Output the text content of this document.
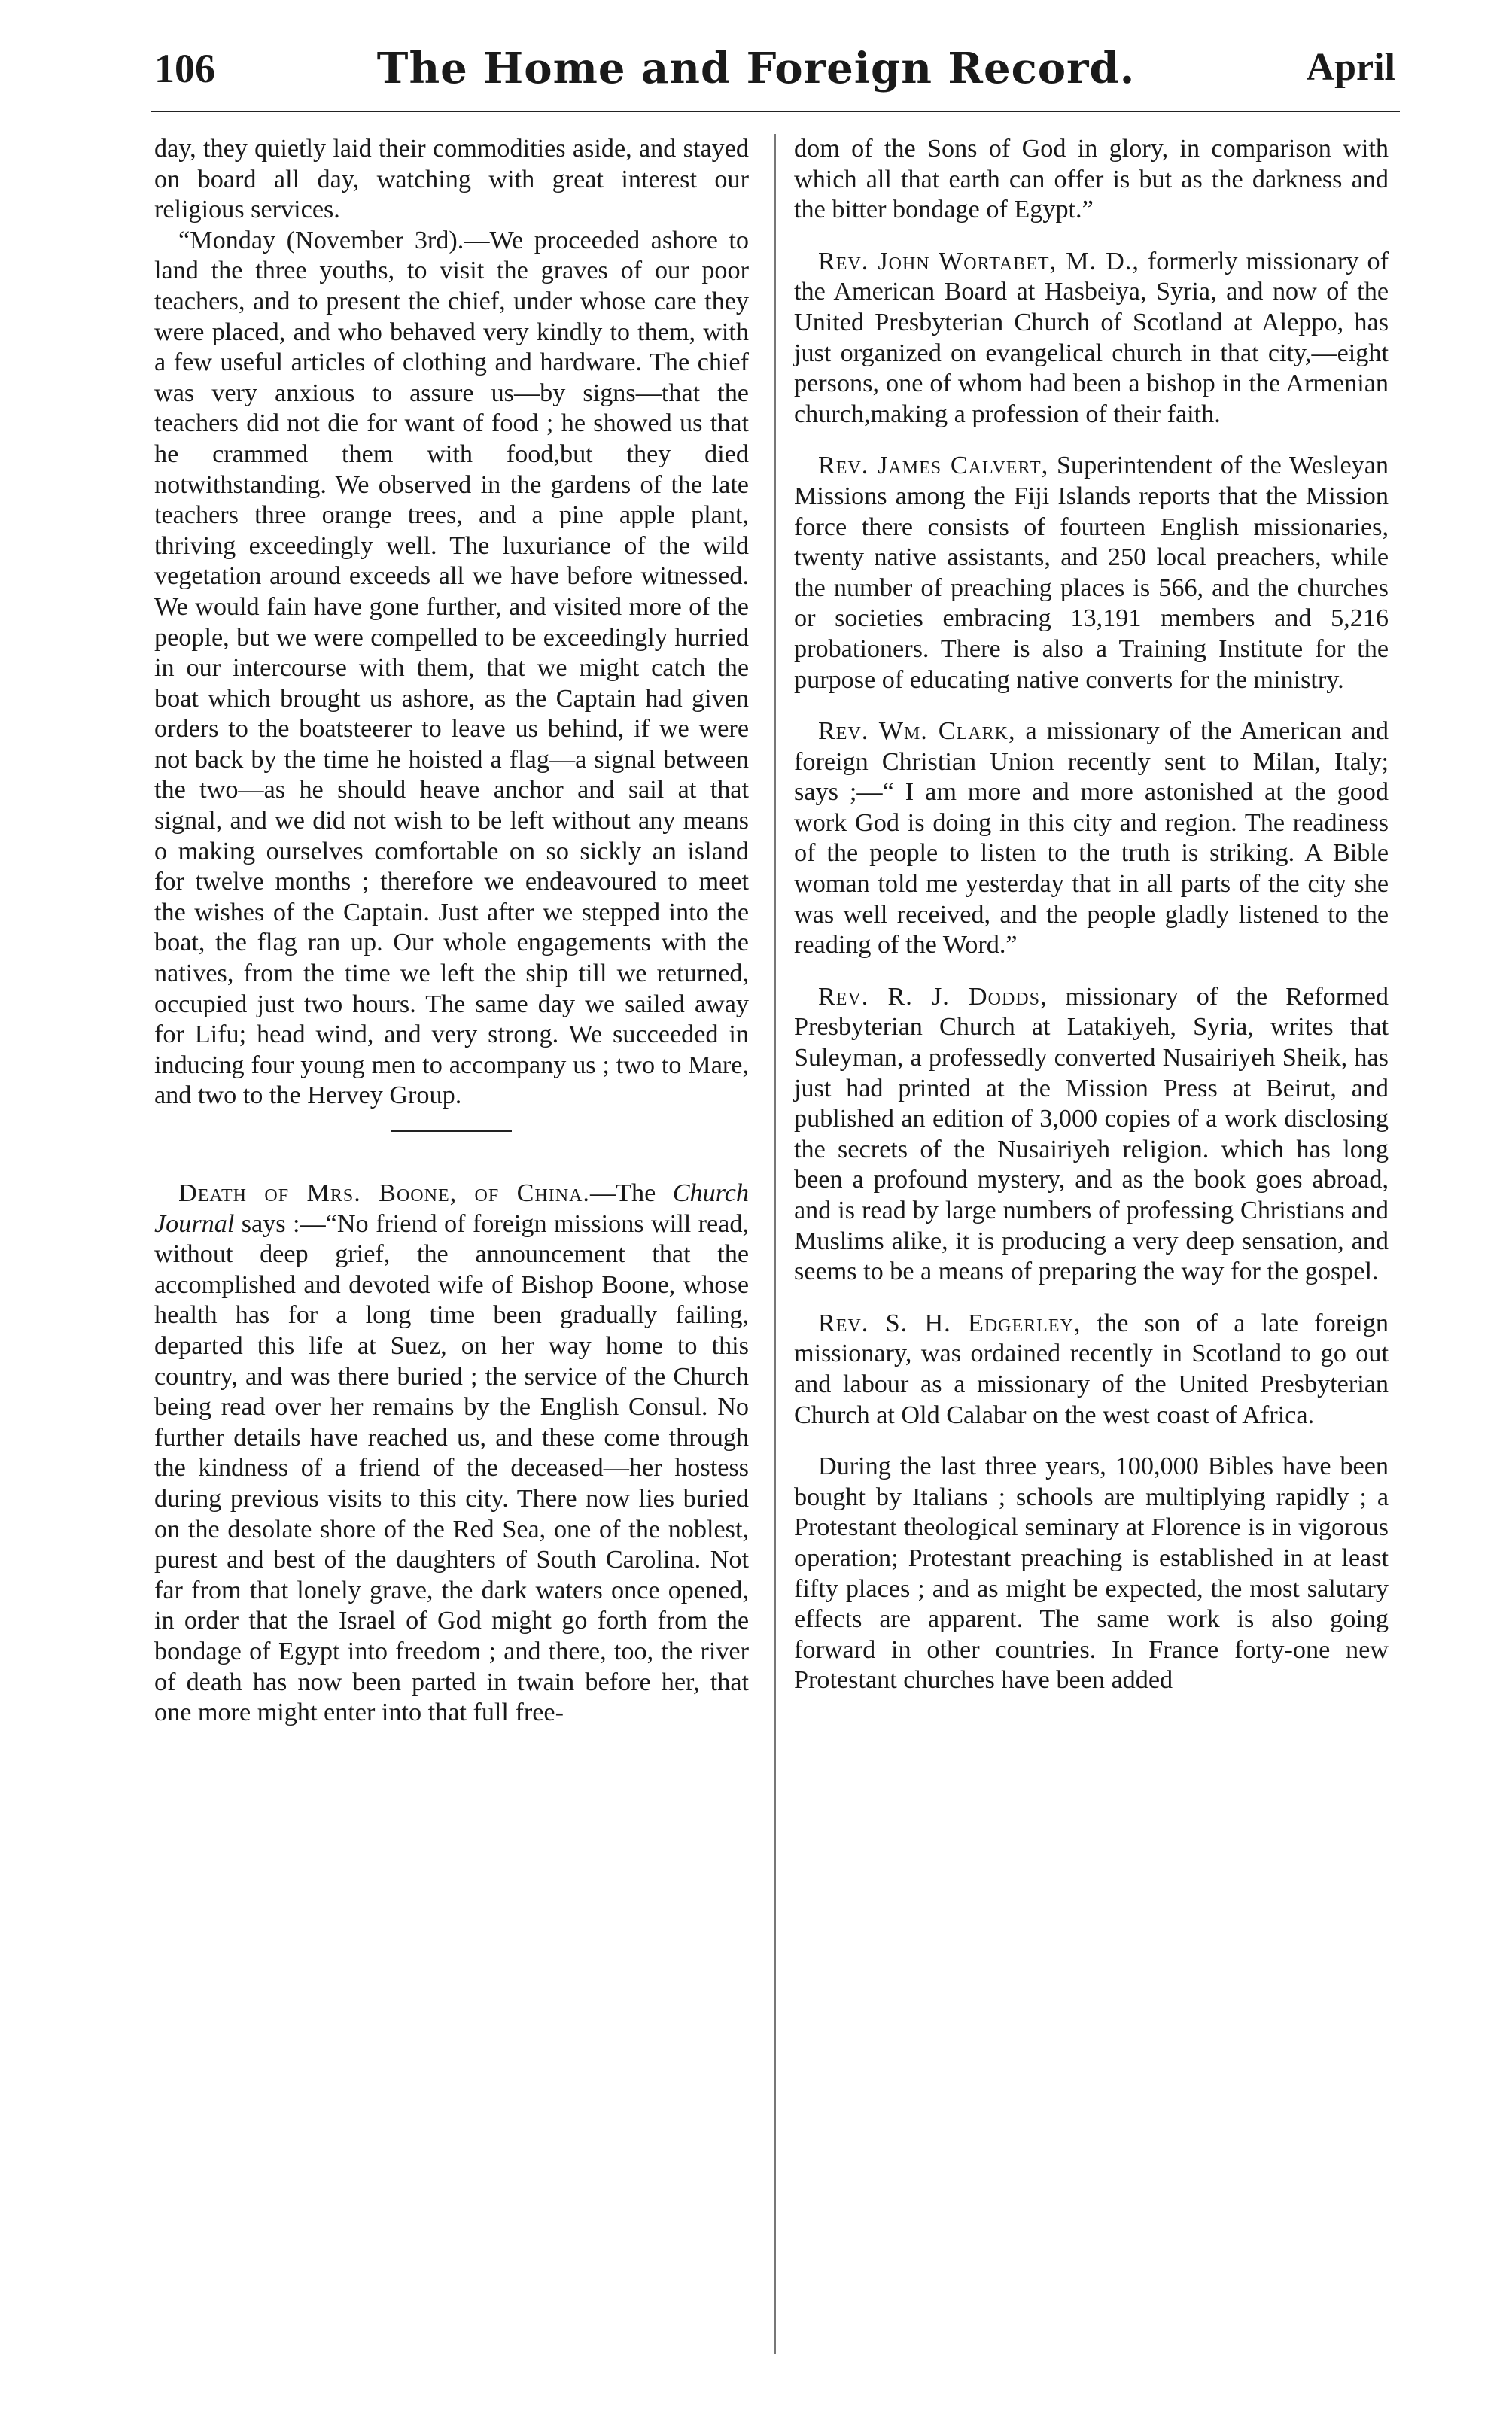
106	The Home and Foreign Record.	April

day, they quietly laid their commodities aside, and stayed on board all day, watching with great interest our religious services.

“Monday (November 3rd).—We proceeded ashore to land the three youths, to visit the graves of our poor teachers, and to present the chief, under whose care they were placed, and who behaved very kindly to them, with a few useful articles of clothing and hardware. The chief was very anxious to assure us—by signs—that the teachers did not die for want of food ; he showed us that he crammed them with food,but they died notwithstanding. We observed in the gardens of the late teachers three orange trees, and a pine apple plant, thriving exceedingly well. The luxuriance of the wild vegetation around exceeds all we have before witnessed. We would fain have gone further, and visited more of the people, but we were compelled to be exceedingly hurried in our intercourse with them, that we might catch the boat which brought us ashore, as the Captain had given orders to the boatsteerer to leave us behind, if we were not back by the time he hoisted a flag—a signal between the two—as he should heave anchor and sail at that signal, and we did not wish to be left without any means o making ourselves comfortable on so sickly an island for twelve months ; therefore we endeavoured to meet the wishes of the Captain. Just after we stepped into the boat, the flag ran up. Our whole engagements with the natives, from the time we left the ship till we returned, occupied just two hours. The same day we sailed away for Lifu; head wind, and very strong. We succeeded in inducing four young men to accompany us ; two to Mare, and two to the Hervey Group.

Death of Mrs. Boone, of China.—The Church Journal says :—“No friend of foreign missions will read, without deep grief, the announcement that the accomplished and devoted wife of Bishop Boone, whose health has for a long time been gradually failing, departed this life at Suez, on her way home to this country, and was there buried ; the service of the Church being read over her remains by the English Consul. No further details have reached us, and these come through the kindness of a friend of the deceased—her hostess during previous visits to this city. There now lies buried on the desolate shore of the Red Sea, one of the noblest, purest and best of the daughters of South Carolina. Not far from that lonely grave, the dark waters once opened, in order that the Israel of God might go forth from the bondage of Egypt into freedom ; and there, too, the river of death has now been parted in twain before her, that one more might enter into that full free-

dom of the Sons of God in glory, in comparison with which all that earth can offer is but as the darkness and the bitter bondage of Egypt.”

Rev. John Wortabet, M. D., formerly missionary of the American Board at Hasbeiya, Syria, and now of the United Presbyterian Church of Scotland at Aleppo, has just organized on evangelical church in that city,—eight persons, one of whom had been a bishop in the Armenian church,making a profession of their faith.

Rev. James Calvert, Superintendent of the Wesleyan Missions among the Fiji Islands reports that the Mission force there consists of fourteen English missionaries, twenty native assistants, and 250 local preachers, while the number of preaching places is 566, and the churches or societies embracing 13,191 members and 5,216 probationers. There is also a Training Institute for the purpose of educating native converts for the ministry.

Rev. Wm. Clark, a missionary of the American and foreign Christian Union recently sent to Milan, Italy; says ;—“ I am more and more astonished at the good work God is doing in this city and region. The readiness of the people to listen to the truth is striking. A Bible woman told me yesterday that in all parts of the city she was well received, and the people gladly listened to the reading of the Word.”

Rev. R. J. Dodds, missionary of the Reformed Presbyterian Church at Latakiyeh, Syria, writes that Suleyman, a professedly converted Nusairiyeh Sheik, has just had printed at the Mission Press at Beirut, and published an edition of 3,000 copies of a work disclosing the secrets of the Nusairiyeh religion. which has long been a profound mystery, and as the book goes abroad, and is read by large numbers of professing Christians and Muslims alike, it is producing a very deep sensation, and seems to be a means of preparing the way for the gospel.

Rev. S. H. Edgerley, the son of a late foreign missionary, was ordained recently in Scotland to go out and labour as a missionary of the United Presbyterian Church at Old Calabar on the west coast of Africa.

During the last three years, 100,000 Bibles have been bought by Italians ; schools are multiplying rapidly ; a Protestant theological seminary at Florence is in vigorous operation; Protestant preaching is established in at least fifty places ; and as might be expected, the most salutary effects are apparent. The same work is also going forward in other countries. In France forty-one new Protestant churches have been added
